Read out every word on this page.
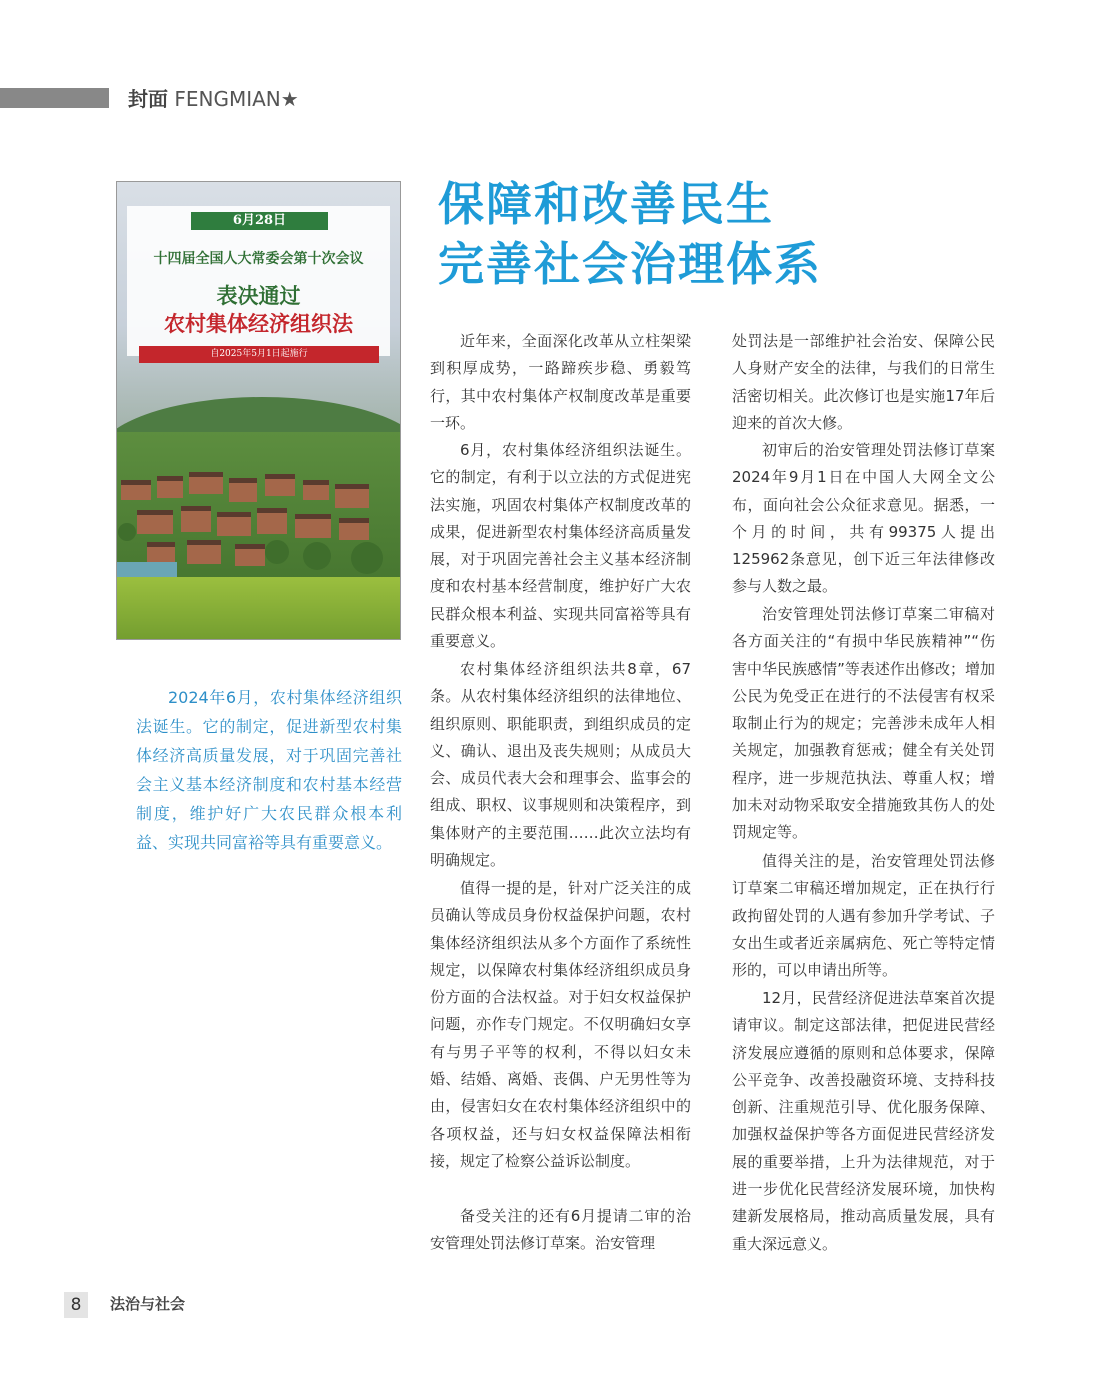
封面 FENGMIAN★
保障和改善民生
完善社会治理体系
6月28日
十四届全国人大常委会第十次会议
表决通过
农村集体经济组织法
自2025年5月1日起施行

2024年6月，农村集体经济组织法诞生。它的制定，促进新型农村集体经济高质量发展，对于巩固完善社会主义基本经济制度和农村基本经营制度，维护好广大农民群众根本利益、实现共同富裕等具有重要意义。

近年来，全面深化改革从立柱架梁到积厚成势，一路蹄疾步稳、勇毅笃行，其中农村集体产权制度改革是重要一环。

6月，农村集体经济组织法诞生。它的制定，有利于以立法的方式促进宪法实施，巩固农村集体产权制度改革的成果，促进新型农村集体经济高质量发展，对于巩固完善社会主义基本经济制度和农村基本经营制度，维护好广大农民群众根本利益、实现共同富裕等具有重要意义。

农村集体经济组织法共8章，67条。从农村集体经济组织的法律地位、组织原则、职能职责，到组织成员的定义、确认、退出及丧失规则；从成员大会、成员代表大会和理事会、监事会的组成、职权、议事规则和决策程序，到集体财产的主要范围……此次立法均有明确规定。

值得一提的是，针对广泛关注的成员确认等成员身份权益保护问题，农村集体经济组织法从多个方面作了系统性规定，以保障农村集体经济组织成员身份方面的合法权益。对于妇女权益保护问题，亦作专门规定。不仅明确妇女享有与男子平等的权利，不得以妇女未婚、结婚、离婚、丧偶、户无男性等为由，侵害妇女在农村集体经济组织中的各项权益，还与妇女权益保障法相衔接，规定了检察公益诉讼制度。

备受关注的还有6月提请二审的治安管理处罚法修订草案。治安管理

处罚法是一部维护社会治安、保障公民人身财产安全的法律，与我们的日常生活密切相关。此次修订也是实施17年后迎来的首次大修。

初审后的治安管理处罚法修订草案2024年9月1日在中国人大网全文公布，面向社会公众征求意见。据悉，一个月的时间，共有99375人提出125962条意见，创下近三年法律修改参与人数之最。

治安管理处罚法修订草案二审稿对各方面关注的“有损中华民族精神”“伤害中华民族感情”等表述作出修改；增加公民为免受正在进行的不法侵害有权采取制止行为的规定；完善涉未成年人相关规定，加强教育惩戒；健全有关处罚程序，进一步规范执法、尊重人权；增加未对动物采取安全措施致其伤人的处罚规定等。

值得关注的是，治安管理处罚法修订草案二审稿还增加规定，正在执行行政拘留处罚的人遇有参加升学考试、子女出生或者近亲属病危、死亡等特定情形的，可以申请出所等。

12月，民营经济促进法草案首次提请审议。制定这部法律，把促进民营经济发展应遵循的原则和总体要求，保障公平竞争、改善投融资环境、支持科技创新、注重规范引导、优化服务保障、加强权益保护等各方面促进民营经济发展的重要举措，上升为法律规范，对于进一步优化民营经济发展环境，加快构建新发展格局，推动高质量发展，具有重大深远意义。

8	法治与社会
